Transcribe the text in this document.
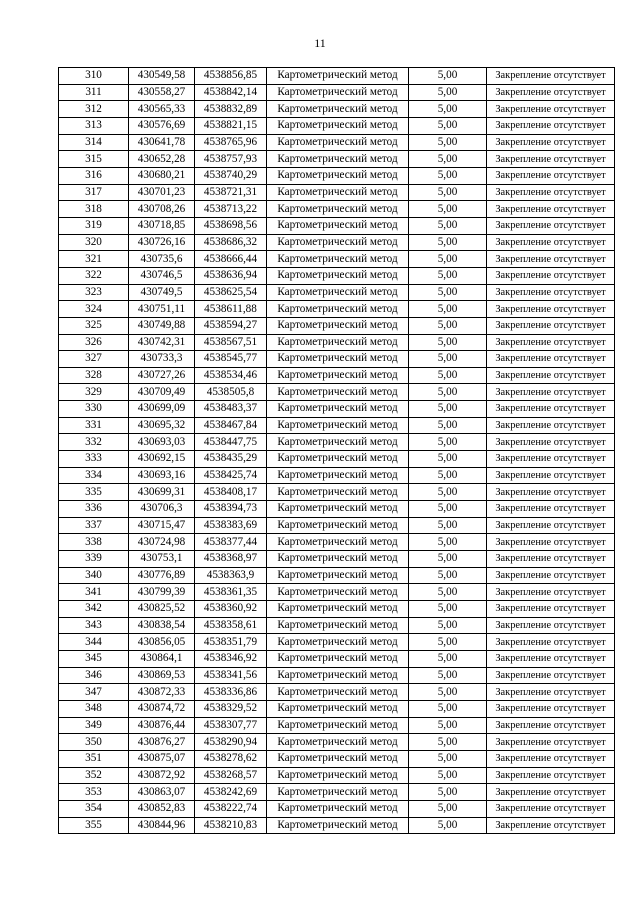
11
310	430549,58	4538856,85	Картометрический метод	5,00	Закрепление отсутствует
311	430558,27	4538842,14	Картометрический метод	5,00	Закрепление отсутствует
312	430565,33	4538832,89	Картометрический метод	5,00	Закрепление отсутствует
313	430576,69	4538821,15	Картометрический метод	5,00	Закрепление отсутствует
314	430641,78	4538765,96	Картометрический метод	5,00	Закрепление отсутствует
315	430652,28	4538757,93	Картометрический метод	5,00	Закрепление отсутствует
316	430680,21	4538740,29	Картометрический метод	5,00	Закрепление отсутствует
317	430701,23	4538721,31	Картометрический метод	5,00	Закрепление отсутствует
318	430708,26	4538713,22	Картометрический метод	5,00	Закрепление отсутствует
319	430718,85	4538698,56	Картометрический метод	5,00	Закрепление отсутствует
320	430726,16	4538686,32	Картометрический метод	5,00	Закрепление отсутствует
321	430735,6	4538666,44	Картометрический метод	5,00	Закрепление отсутствует
322	430746,5	4538636,94	Картометрический метод	5,00	Закрепление отсутствует
323	430749,5	4538625,54	Картометрический метод	5,00	Закрепление отсутствует
324	430751,11	4538611,88	Картометрический метод	5,00	Закрепление отсутствует
325	430749,88	4538594,27	Картометрический метод	5,00	Закрепление отсутствует
326	430742,31	4538567,51	Картометрический метод	5,00	Закрепление отсутствует
327	430733,3	4538545,77	Картометрический метод	5,00	Закрепление отсутствует
328	430727,26	4538534,46	Картометрический метод	5,00	Закрепление отсутствует
329	430709,49	4538505,8	Картометрический метод	5,00	Закрепление отсутствует
330	430699,09	4538483,37	Картометрический метод	5,00	Закрепление отсутствует
331	430695,32	4538467,84	Картометрический метод	5,00	Закрепление отсутствует
332	430693,03	4538447,75	Картометрический метод	5,00	Закрепление отсутствует
333	430692,15	4538435,29	Картометрический метод	5,00	Закрепление отсутствует
334	430693,16	4538425,74	Картометрический метод	5,00	Закрепление отсутствует
335	430699,31	4538408,17	Картометрический метод	5,00	Закрепление отсутствует
336	430706,3	4538394,73	Картометрический метод	5,00	Закрепление отсутствует
337	430715,47	4538383,69	Картометрический метод	5,00	Закрепление отсутствует
338	430724,98	4538377,44	Картометрический метод	5,00	Закрепление отсутствует
339	430753,1	4538368,97	Картометрический метод	5,00	Закрепление отсутствует
340	430776,89	4538363,9	Картометрический метод	5,00	Закрепление отсутствует
341	430799,39	4538361,35	Картометрический метод	5,00	Закрепление отсутствует
342	430825,52	4538360,92	Картометрический метод	5,00	Закрепление отсутствует
343	430838,54	4538358,61	Картометрический метод	5,00	Закрепление отсутствует
344	430856,05	4538351,79	Картометрический метод	5,00	Закрепление отсутствует
345	430864,1	4538346,92	Картометрический метод	5,00	Закрепление отсутствует
346	430869,53	4538341,56	Картометрический метод	5,00	Закрепление отсутствует
347	430872,33	4538336,86	Картометрический метод	5,00	Закрепление отсутствует
348	430874,72	4538329,52	Картометрический метод	5,00	Закрепление отсутствует
349	430876,44	4538307,77	Картометрический метод	5,00	Закрепление отсутствует
350	430876,27	4538290,94	Картометрический метод	5,00	Закрепление отсутствует
351	430875,07	4538278,62	Картометрический метод	5,00	Закрепление отсутствует
352	430872,92	4538268,57	Картометрический метод	5,00	Закрепление отсутствует
353	430863,07	4538242,69	Картометрический метод	5,00	Закрепление отсутствует
354	430852,83	4538222,74	Картометрический метод	5,00	Закрепление отсутствует
355	430844,96	4538210,83	Картометрический метод	5,00	Закрепление отсутствует
